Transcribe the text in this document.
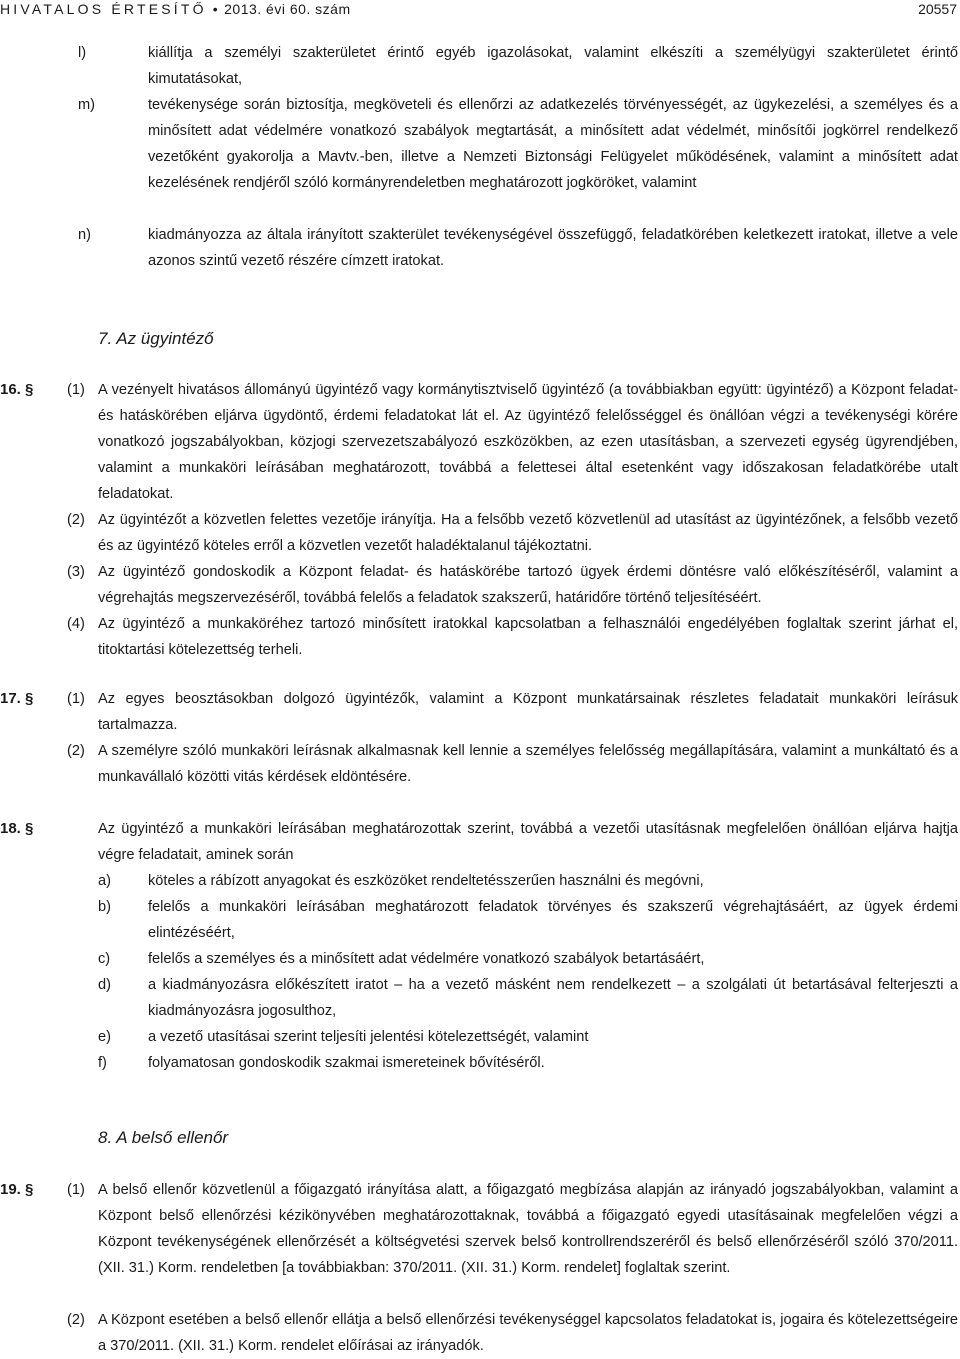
HIVATALOS ÉRTESÍTŐ • 2013. évi 60. szám	20557
l)	kiállítja a személyi szakterületet érintő egyéb igazolásokat, valamint elkészíti a személyügyi szakterületet érintő kimutatásokat,
m)	tevékenysége során biztosítja, megköveteli és ellenőrzi az adatkezelés törvényességét, az ügykezelési, a személyes és a minősített adat védelmére vonatkozó szabályok megtartását, a minősített adat védelmét, minősítői jogkörrel rendelkező vezetőként gyakorolja a Mavtv.-ben, illetve a Nemzeti Biztonsági Felügyelet működésének, valamint a minősített adat kezelésének rendjéről szóló kormányrendeletben meghatározott jogköröket, valamint
n)	kiadmányozza az általa irányított szakterület tevékenységével összefüggő, feladatkörében keletkezett iratokat, illetve a vele azonos szintű vezető részére címzett iratokat.
7. Az ügyintéző
16. § (1) A vezényelt hivatásos állományú ügyintéző vagy kormánytisztviselő ügyintéző (a továbbiakban együtt: ügyintéző) a Központ feladat- és hatáskörében eljárva ügydöntő, érdemi feladatokat lát el. Az ügyintéző felelősséggel és önállóan végzi a tevékenységi körére vonatkozó jogszabályokban, közjogi szervezetszabályozó eszközökben, az ezen utasításban, a szervezeti egység ügyrendjében, valamint a munkaköri leírásában meghatározott, továbbá a felettesei által esetenként vagy időszakosan feladatkörébe utalt feladatokat.
(2) Az ügyintézőt a közvetlen felettes vezetője irányítja. Ha a felsőbb vezető közvetlenül ad utasítást az ügyintézőnek, a felsőbb vezető és az ügyintéző köteles erről a közvetlen vezetőt haladéktalanul tájékoztatni.
(3) Az ügyintéző gondoskodik a Központ feladat- és hatáskörébe tartozó ügyek érdemi döntésre való előkészítéséről, valamint a végrehajtás megszervezéséről, továbbá felelős a feladatok szakszerű, határidőre történő teljesítéséért.
(4) Az ügyintéző a munkaköréhez tartozó minősített iratokkal kapcsolatban a felhasználói engedélyében foglaltak szerint járhat el, titoktartási kötelezettség terheli.
17. § (1) Az egyes beosztásokban dolgozó ügyintézők, valamint a Központ munkatársainak részletes feladatait munkaköri leírásuk tartalmazza.
(2) A személyre szóló munkaköri leírásnak alkalmasnak kell lennie a személyes felelősség megállapítására, valamint a munkáltató és a munkavállaló közötti vitás kérdések eldöntésére.
18. §	Az ügyintéző a munkaköri leírásában meghatározottak szerint, továbbá a vezetői utasításnak megfelelően önállóan eljárva hajtja végre feladatait, aminek során
a)	köteles a rábízott anyagokat és eszközöket rendeltetésszerűen használni és megóvni,
b)	felelős a munkaköri leírásában meghatározott feladatok törvényes és szakszerű végrehajtásáért, az ügyek érdemi elintézéséért,
c)	felelős a személyes és a minősített adat védelmére vonatkozó szabályok betartásáért,
d)	a kiadmányozásra előkészített iratot – ha a vezető másként nem rendelkezett – a szolgálati út betartásával felterjeszti a kiadmányozásra jogosulthoz,
e)	a vezető utasításai szerint teljesíti jelentési kötelezettségét, valamint
f)	folyamatosan gondoskodik szakmai ismereteinek bővítéséről.
8. A belső ellenőr
19. § (1) A belső ellenőr közvetlenül a főigazgató irányítása alatt, a főigazgató megbízása alapján az irányadó jogszabályokban, valamint a Központ belső ellenőrzési kézikönyvében meghatározottaknak, továbbá a főigazgató egyedi utasításainak megfelelően végzi a Központ tevékenységének ellenőrzését a költségvetési szervek belső kontrollrendszeréről és belső ellenőrzéséről szóló 370/2011. (XII. 31.) Korm. rendeletben [a továbbiakban: 370/2011. (XII. 31.) Korm. rendelet] foglaltak szerint.
(2) A Központ esetében a belső ellenőr ellátja a belső ellenőrzési tevékenységgel kapcsolatos feladatokat is, jogaira és kötelezettségeire a 370/2011. (XII. 31.) Korm. rendelet előírásai az irányadók.
